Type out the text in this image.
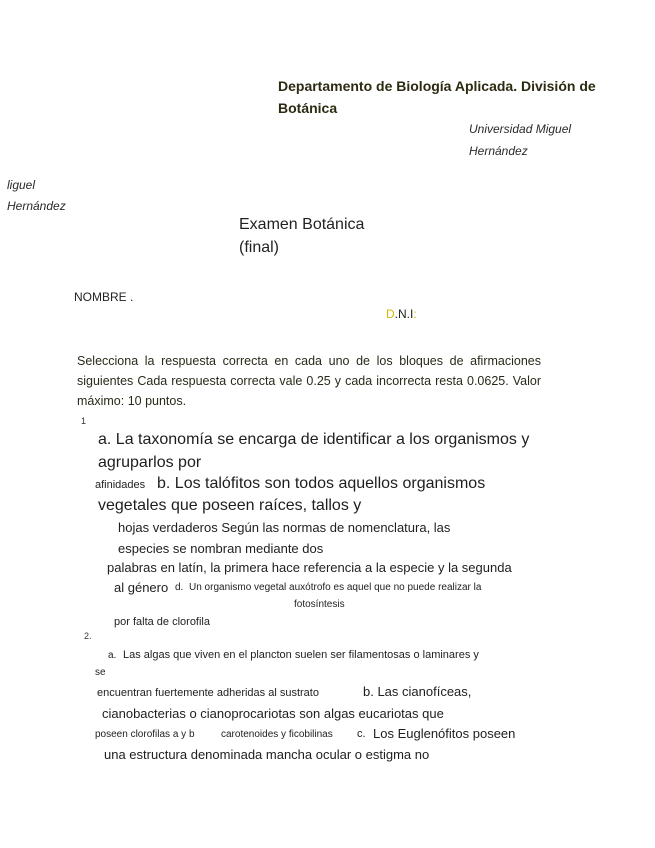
Departamento de Biología Aplicada. División de
Botánica
Universidad Miguel
Hernández
liguel
Hernández
Examen Botánica
(final)
NOMBRE .
D.N.I:
Selecciona la respuesta correcta en cada uno de los bloques de afirmaciones siguientes Cada respuesta correcta vale 0.25 y cada incorrecta resta 0.0625. Valor máximo: 10 puntos.
1
a. La taxonomía se encarga de identificar a los organismos y
agruparlos por
afinidades b. Los talófitos son todos aquellos organismos
vegetales que poseen raíces, tallos y
hojas verdaderos Según las normas de nomenclatura, las
especies se nombran mediante dos
palabras en latín, la primera hace referencia a la especie y la segunda
al género d. Un organismo vegetal auxótrofo es aquel que no puede realizar la
fotosíntesis
por falta de clorofila
2.
a. Las algas que viven en el plancton suelen ser filamentosas o laminares y
se
encuentran fuertemente adheridas al sustrato	b. Las cianofíceas,
cianobacterias o cianoprocariotas son algas eucariotas que
poseen clorofilas a y b	carotenoides y ficobilinas c. Los Euglenófitos poseen
una estructura denominada mancha ocular o estigma no
